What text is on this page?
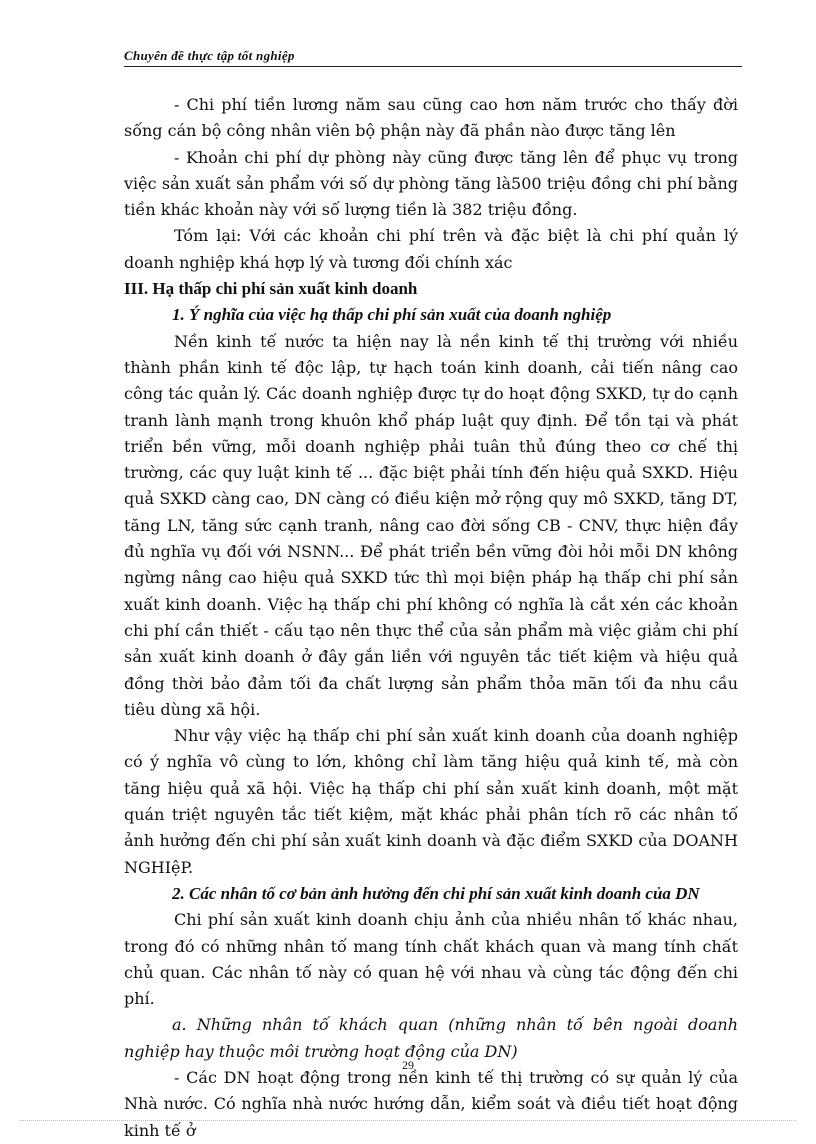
Chuyên đề thực tập tốt nghiệp

- Chi phí tiền lương năm sau cũng cao hơn năm trước cho thấy đời sống cán bộ công nhân viên bộ phận này đã phần nào được tăng lên

- Khoản chi phí dự phòng này cũng được tăng lên để phục vụ trong việc sản xuất sản phẩm với số dự phòng tăng là500 triệu đồng chi phí bằng tiền khác khoản này với số lượng tiền là 382 triệu đồng.

Tóm lại: Với các khoản chi phí trên và đặc biệt là chi phí quản lý doanh nghiệp khá hợp lý và tương đối chính xác

III. Hạ thấp chi phí sản xuất kinh doanh

1. Ý nghĩa của việc hạ thấp chi phí sản xuất của doanh nghiệp

Nền kinh tế nước ta hiện nay là nền kinh tế thị trường với nhiều thành phần kinh tế độc lập, tự hạch toán kinh doanh, cải tiến nâng cao công tác quản lý. Các doanh nghiệp được tự do hoạt động SXKD, tự do cạnh tranh lành mạnh trong khuôn khổ pháp luật quy định. Để tồn tại và phát triển bền vững, mỗi doanh nghiệp phải tuân thủ đúng theo cơ chế thị trường, các quy luật kinh tế ... đặc biệt phải tính đến hiệu quả SXKD. Hiệu quả SXKD càng cao, DN càng có điều kiện mở rộng quy mô SXKD, tăng DT, tăng LN, tăng sức cạnh tranh, nâng cao đời sống CB - CNV, thực hiện đầy đủ nghĩa vụ đối với NSNN... Để phát triển bền vững đòi hỏi mỗi DN không ngừng nâng cao hiệu quả SXKD tức thì mọi biện pháp hạ thấp chi phí sản xuất kinh doanh. Việc hạ thấp chi phí không có nghĩa là cắt xén các khoản chi phí cần thiết - cấu tạo nên thực thể của sản phẩm mà việc giảm chi phí sản xuất kinh doanh ở đây gắn liền với nguyên tắc tiết kiệm và hiệu quả đồng thời bảo đảm tối đa chất lượng sản phẩm thỏa mãn tối đa nhu cầu tiêu dùng xã hội.

Như vậy việc hạ thấp chi phí sản xuất kinh doanh của doanh nghiệp có ý nghĩa vô cùng to lớn, không chỉ làm tăng hiệu quả kinh tế, mà còn tăng hiệu quả xã hội. Việc hạ thấp chi phí sản xuất kinh doanh, một mặt quán triệt nguyên tắc tiết kiệm, mặt khác phải phân tích rõ các nhân tố ảnh hưởng đến chi phí sản xuất kinh doanh và đặc điểm SXKD của DOANH NGHIệP.

2. Các nhân tố cơ bản ảnh hưởng đến chi phí sản xuất kinh doanh của DN

Chi phí sản xuất kinh doanh chịu ảnh của nhiều nhân tố khác nhau, trong đó có những nhân tố mang tính chất khách quan và mang tính chất chủ quan. Các nhân tố này có quan hệ với nhau và cùng tác động đến chi phí.

a. Những nhân tố khách quan (những nhân tố bên ngoài doanh nghiệp hay thuộc môi trường hoạt động của DN)

- Các DN hoạt động trong nền kinh tế thị trường có sự quản lý của Nhà nước. Có nghĩa nhà nước hướng dẫn, kiểm soát và điều tiết hoạt động kinh tế ở

29
